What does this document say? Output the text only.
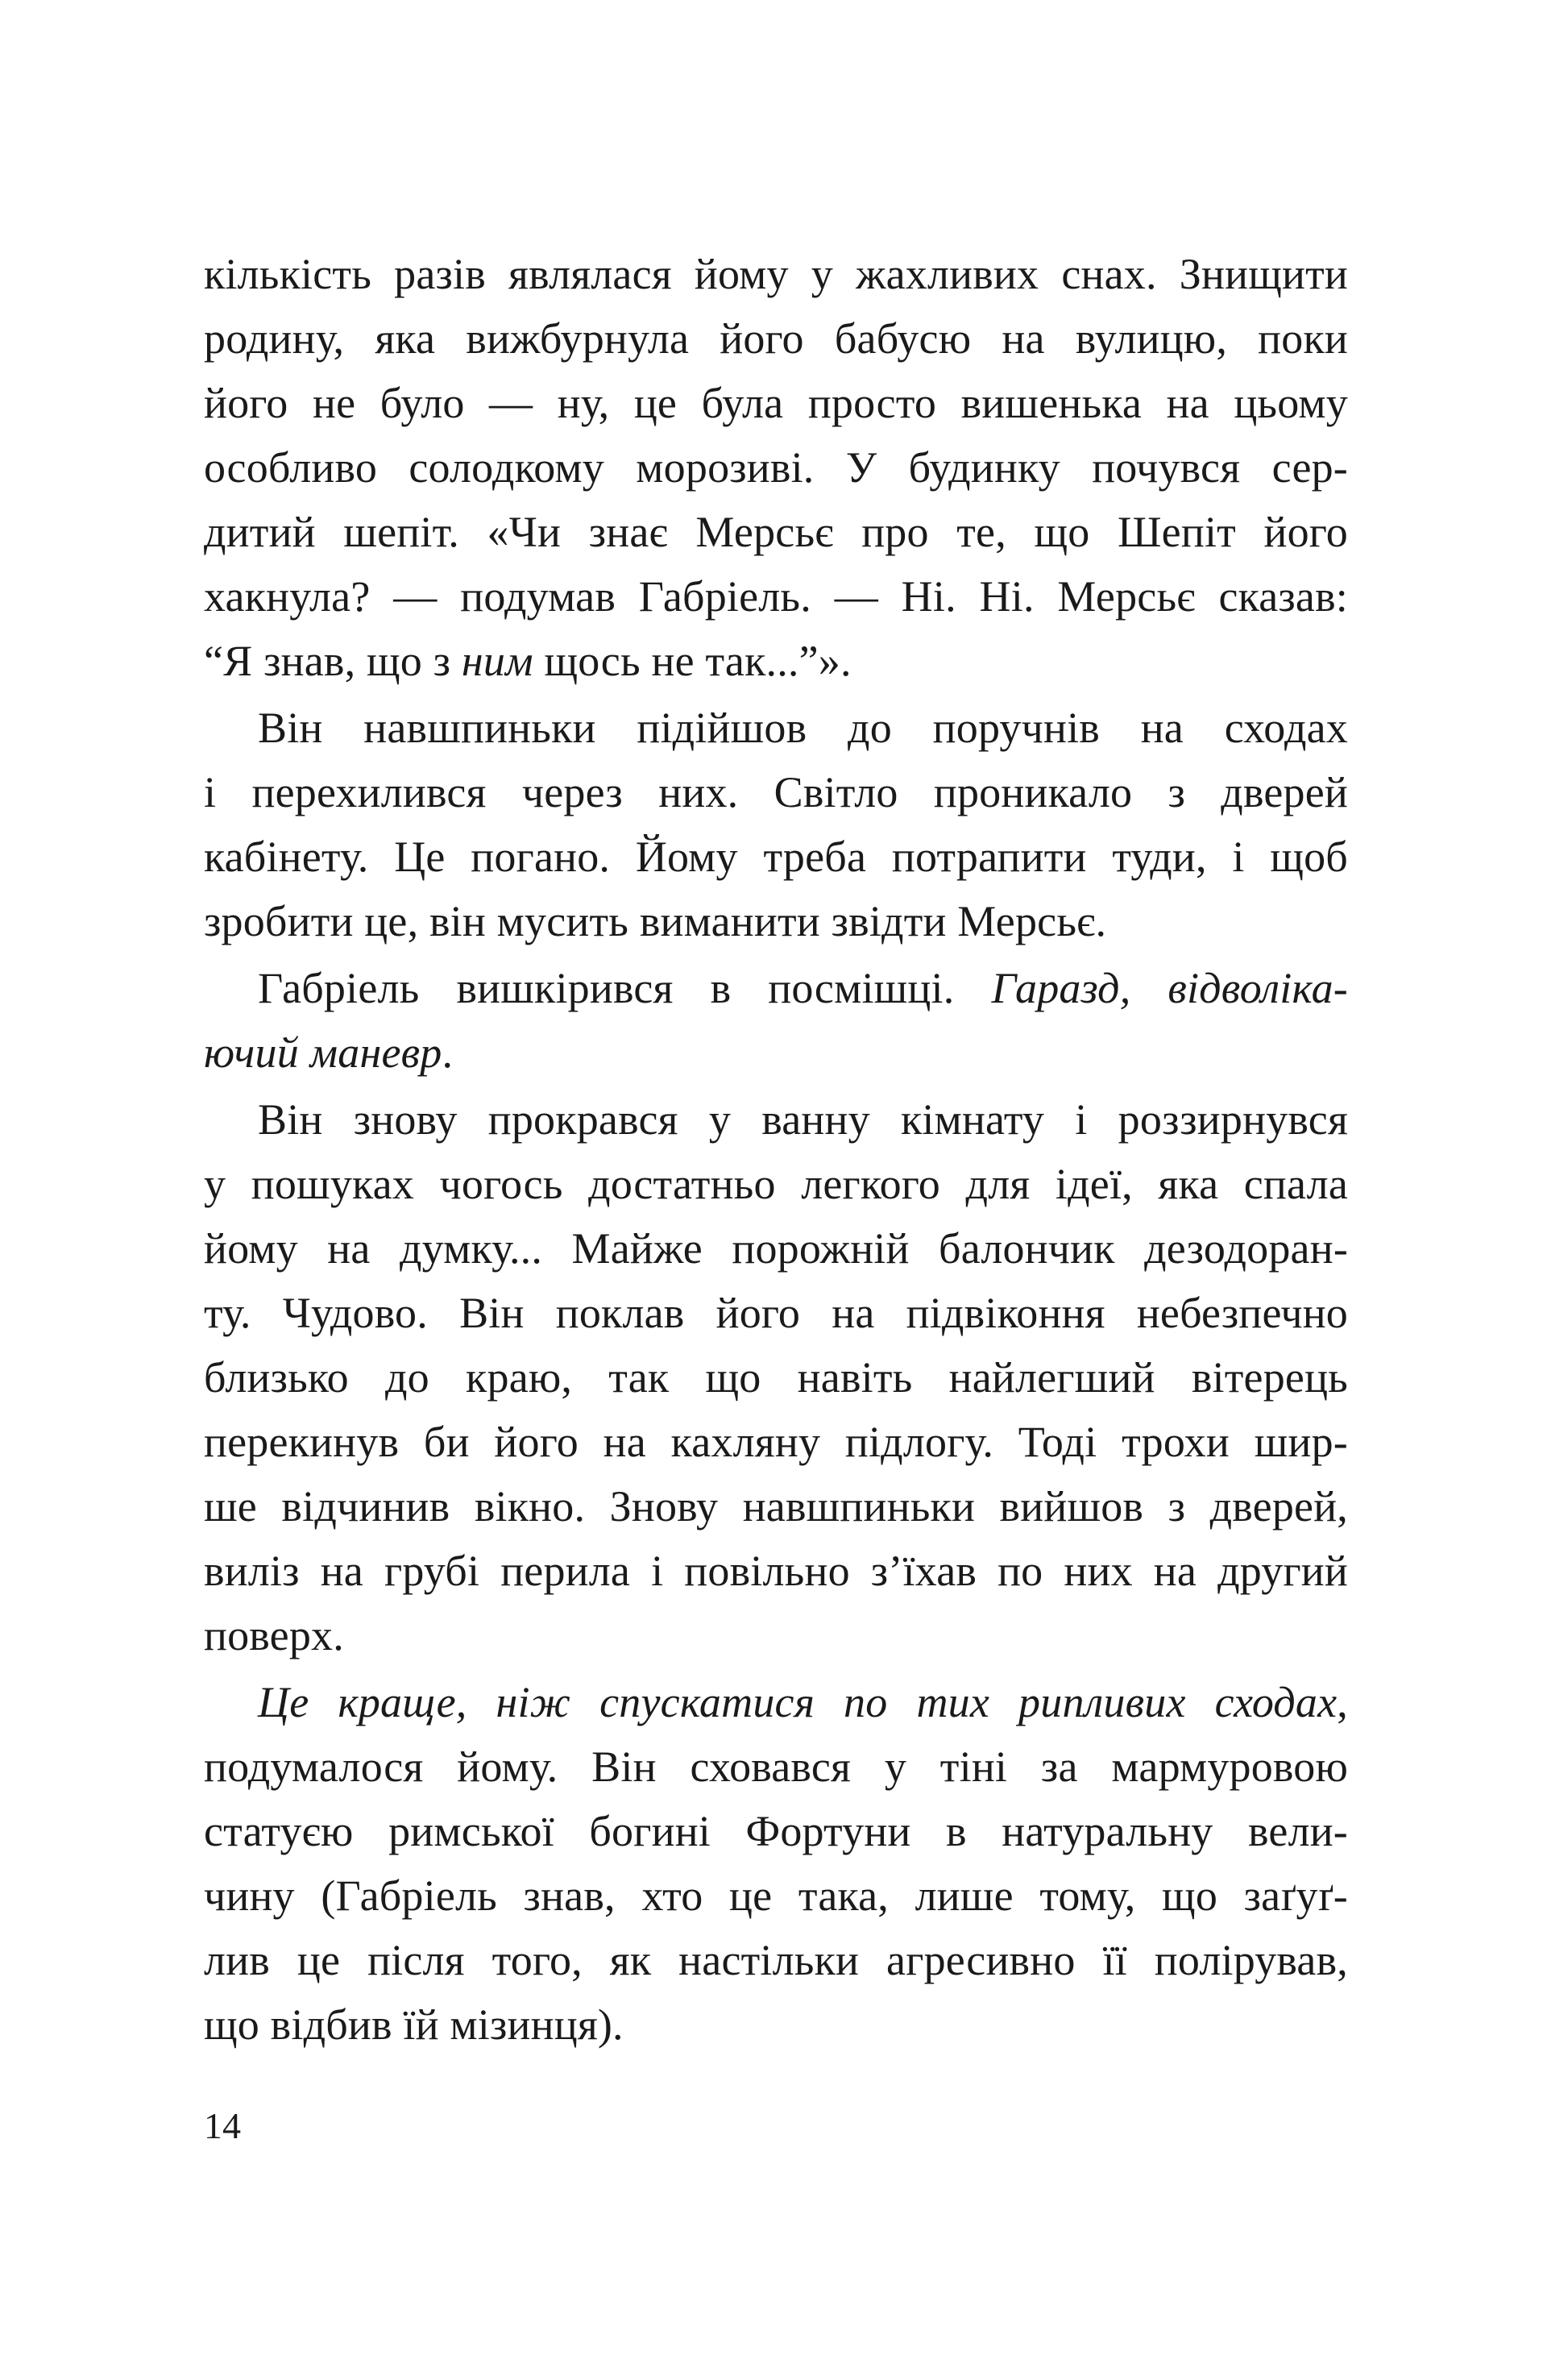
кількість разів являлася йому у жахливих снах. Знищити
родину, яка вижбурнула його бабусю на вулицю, поки
його не було — ну, це була просто вишенька на цьому
особливо солодкому морозиві. У будинку почувся сер-
дитий шепіт. «Чи знає Мерсьє про те, що Шепіт його
хакнула? — подумав Габріель. — Ні. Ні. Мерсьє сказав:
“Я знав, що з ним щось не так...”».
Він навшпиньки підійшов до поручнів на сходах
і перехилився через них. Світло проникало з дверей
кабінету. Це погано. Йому треба потрапити туди, і щоб
зробити це, він мусить виманити звідти Мерсьє.
Габріель вишкірився в посмішці. Гаразд, відволіка-
ючий маневр.
Він знову прокрався у ванну кімнату і роззирнувся
у пошуках чогось достатньо легкого для ідеї, яка спала
йому на думку... Майже порожній балончик дезодоран-
ту. Чудово. Він поклав його на підвіконня небезпечно
близько до краю, так що навіть найлегший вітерець
перекинув би його на кахляну підлогу. Тоді трохи шир-
ше відчинив вікно. Знову навшпиньки вийшов з дверей,
виліз на грубі перила і повільно з’їхав по них на другий
поверх.
Це краще, ніж спускатися по тих рипливих сходах,
подумалося йому. Він сховався у тіні за мармуровою
статуєю римської богині Фортуни в натуральну вели-
чину (Габріель знав, хто це така, лише тому, що заґуґ-
лив це після того, як настільки агресивно її полірував,
що відбив їй мізинця).
14
